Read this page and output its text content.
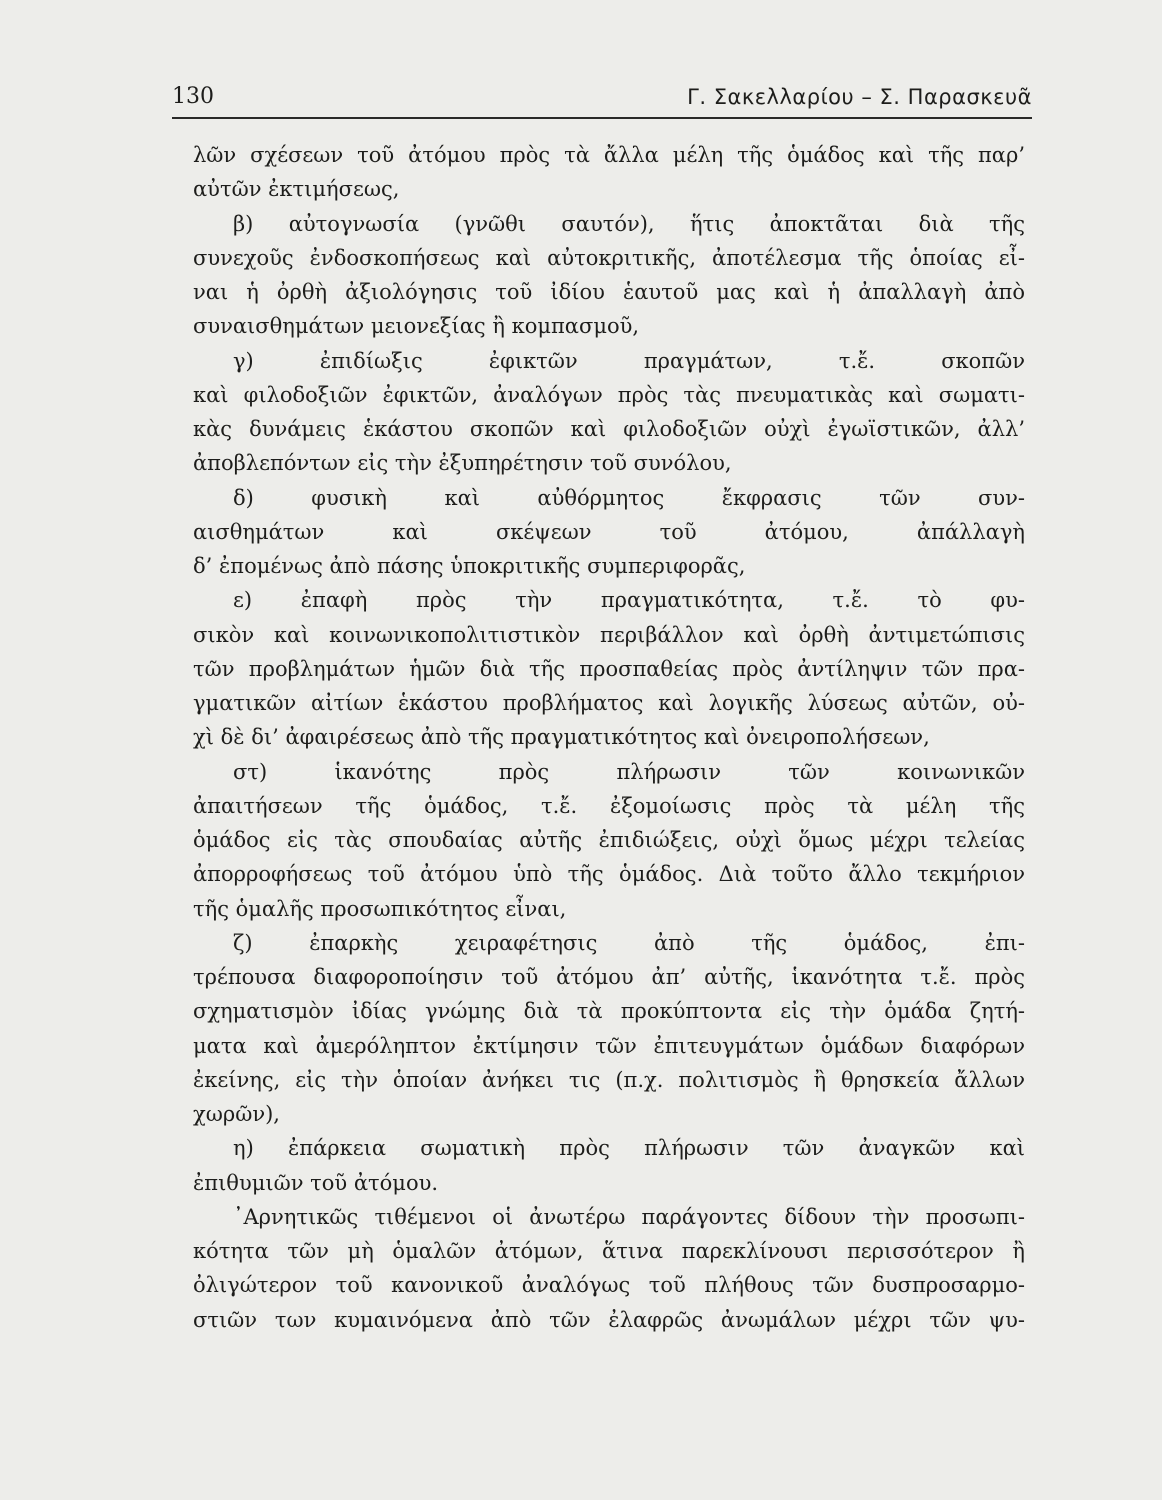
130	Γ. Σακελλαρίου – Σ. Παρασκευᾶ
λῶν σχέσεων τοῦ ἀτόμου πρὸς τὰ ἄλλα μέλη τῆς ὁμάδος καὶ τῆς παρ’
αὐτῶν ἐκτιμήσεως,
β) αὐτογνωσία (γνῶθι σαυτόν), ἥτις ἀποκτᾶται διὰ τῆς
συνεχοῦς ἐνδοσκοπήσεως καὶ αὐτοκριτικῆς, ἀποτέλεσμα τῆς ὁποίας εἶ-
ναι ἡ ὀρθὴ ἀξιολόγησις τοῦ ἰδίου ἑαυτοῦ μας καὶ ἡ ἀπαλλαγὴ ἀπὸ
συναισθημάτων μειονεξίας ἢ κομπασμοῦ,
γ) ἐπιδίωξις ἐφικτῶν πραγμάτων, τ.ἔ. σκοπῶν
καὶ φιλοδοξιῶν ἐφικτῶν, ἀναλόγων πρὸς τὰς πνευματικὰς καὶ σωματι-
κὰς δυνάμεις ἑκάστου σκοπῶν καὶ φιλοδοξιῶν οὐχὶ ἐγωϊστικῶν, ἀλλ’
ἀποβλεπόντων εἰς τὴν ἐξυπηρέτησιν τοῦ συνόλου,
δ) φυσικὴ καὶ αὐθόρμητος ἔκφρασις τῶν συν-
αισθημάτων καὶ σκέψεων τοῦ ἀτόμου, ἀπάλλαγὴ
δ’ ἐπομένως ἀπὸ πάσης ὑποκριτικῆς συμπεριφορᾶς,
ε) ἐπαφὴ πρὸς τὴν πραγματικότητα, τ.ἔ. τὸ φυ-
σικὸν καὶ κοινωνικοπολιτιστικὸν περιβάλλον καὶ ὀρθὴ ἀντιμετώπισις
τῶν προβλημάτων ἡμῶν διὰ τῆς προσπαθείας πρὸς ἀντίληψιν τῶν πρα-
γματικῶν αἰτίων ἑκάστου προβλήματος καὶ λογικῆς λύσεως αὐτῶν, οὐ-
χὶ δὲ δι’ ἀφαιρέσεως ἀπὸ τῆς πραγματικότητος καὶ ὀνειροπολήσεων,
στ) ἱκανότης πρὸς πλήρωσιν τῶν κοινωνικῶν
ἀπαιτήσεων τῆς ὁμάδος, τ.ἔ. ἐξομοίωσις πρὸς τὰ μέλη τῆς
ὁμάδος εἰς τὰς σπουδαίας αὐτῆς ἐπιδιώξεις, οὐχὶ ὅμως μέχρι τελείας
ἀπορροφήσεως τοῦ ἀτόμου ὑπὸ τῆς ὁμάδος. Διὰ τοῦτο ἄλλο τεκμήριον
τῆς ὁμαλῆς προσωπικότητος εἶναι,
ζ) ἐπαρκὴς χειραφέτησις ἀπὸ τῆς ὁμάδος, ἐπι-
τρέπουσα διαφοροποίησιν τοῦ ἀτόμου ἀπ’ αὐτῆς, ἱκανότητα τ.ἔ. πρὸς
σχηματισμὸν ἰδίας γνώμης διὰ τὰ προκύπτοντα εἰς τὴν ὁμάδα ζητή-
ματα καὶ ἀμερόληπτον ἐκτίμησιν τῶν ἐπιτευγμάτων ὁμάδων διαφόρων
ἐκείνης, εἰς τὴν ὁποίαν ἀνήκει τις (π.χ. πολιτισμὸς ἢ θρησκεία ἄλλων
χωρῶν),
η) ἐπάρκεια σωματικὴ πρὸς πλήρωσιν τῶν ἀναγκῶν καὶ
ἐπιθυμιῶν τοῦ ἀτόμου.
᾿Αρνητικῶς τιθέμενοι οἱ ἀνωτέρω παράγοντες δίδουν τὴν προσωπι-
κότητα τῶν μὴ ὁμαλῶν ἀτόμων, ἅτινα παρεκλίνουσι περισσότερον ἢ
ὀλιγώτερον τοῦ κανονικοῦ ἀναλόγως τοῦ πλήθους τῶν δυσπροσαρμο-
στιῶν των κυμαινόμενα ἀπὸ τῶν ἐλαφρῶς ἀνωμάλων μέχρι τῶν ψυ-
